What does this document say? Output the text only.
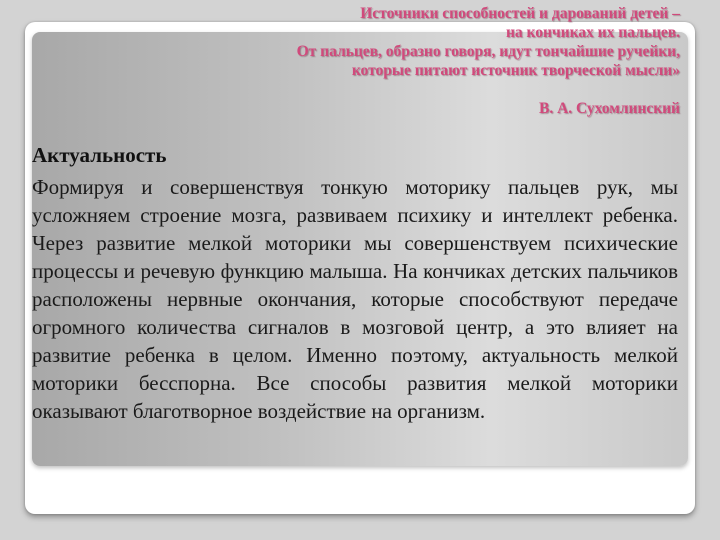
Источники способностей и дарований детей –
на кончиках их пальцев.
От пальцев, образно говоря, идут тончайшие ручейки,
которые питают источник творческой мысли»
В. А. Сухомлинский
Актуальность

Формируя и совершенствуя тонкую моторику пальцев рук, мы усложняем строение мозга, развиваем психику и интеллект ребенка. Через развитие мелкой моторики мы совершенствуем психические процессы и речевую функцию малыша. На кончиках детских пальчиков расположены нервные окончания, которые способствуют передаче огромного количества сигналов в мозговой центр, а это влияет на развитие ребенка в целом. Именно поэтому, актуальность мелкой моторики бесспорна. Все способы развития мелкой моторики оказывают благотворное воздействие на организм.
